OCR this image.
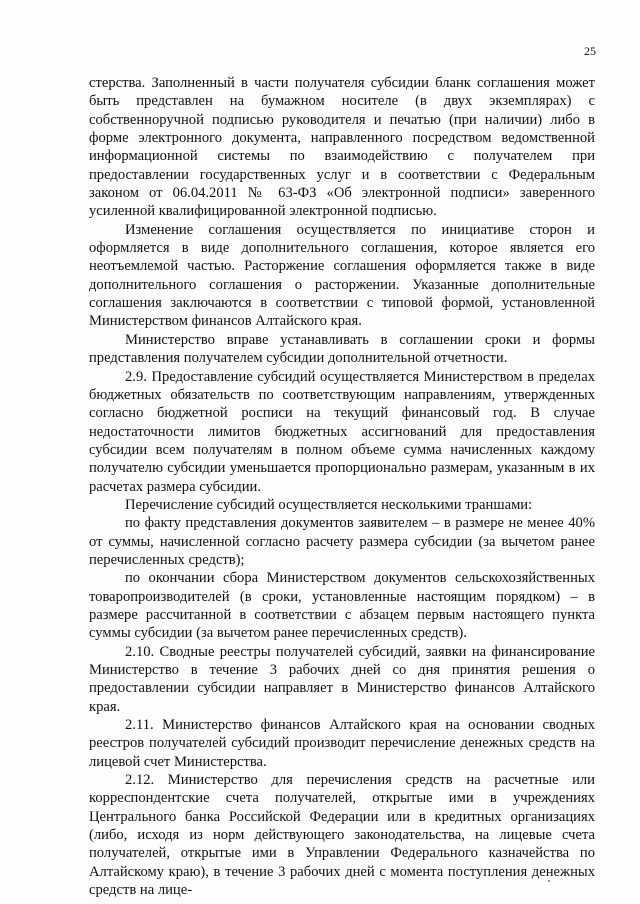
25

стерства. Заполненный в части получателя субсидии бланк соглашения может быть представлен на бумажном носителе (в двух экземплярах) с собственноручной подписью руководителя и печатью (при наличии) либо в форме электронного документа, направленного посредством ведомственной информационной системы по взаимодействию с получателем при предоставлении государственных услуг и в соответствии с Федеральным законом от 06.04.2011 № 63-ФЗ «Об электронной подписи» заверенного усиленной квалифицированной электронной подписью.

Изменение соглашения осуществляется по инициативе сторон и оформляется в виде дополнительного соглашения, которое является его неотъемлемой частью. Расторжение соглашения оформляется также в виде дополнительного соглашения о расторжении. Указанные дополнительные соглашения заключаются в соответствии с типовой формой, установленной Министерством финансов Алтайского края.

Министерство вправе устанавливать в соглашении сроки и формы представления получателем субсидии дополнительной отчетности.

2.9. Предоставление субсидий осуществляется Министерством в пределах бюджетных обязательств по соответствующим направлениям, утвержденных согласно бюджетной росписи на текущий финансовый год. В случае недостаточности лимитов бюджетных ассигнований для предоставления субсидии всем получателям в полном объеме сумма начисленных каждому получателю субсидии уменьшается пропорционально размерам, указанным в их расчетах размера субсидии.

Перечисление субсидий осуществляется несколькими траншами:

по факту представления документов заявителем – в размере не менее 40% от суммы, начисленной согласно расчету размера субсидии (за вычетом ранее перечисленных средств);

по окончании сбора Министерством документов сельскохозяйственных товаропроизводителей (в сроки, установленные настоящим порядком) – в размере рассчитанной в соответствии с абзацем первым настоящего пункта суммы субсидии (за вычетом ранее перечисленных средств).

2.10. Сводные реестры получателей субсидий, заявки на финансирование Министерство в течение 3 рабочих дней со дня принятия решения о предоставлении субсидии направляет в Министерство финансов Алтайского края.

2.11. Министерство финансов Алтайского края на основании сводных реестров получателей субсидий производит перечисление денежных средств на лицевой счет Министерства.

2.12. Министерство для перечисления средств на расчетные или корреспондентские счета получателей, открытые ими в учреждениях Центрального банка Российской Федерации или в кредитных организациях (либо, исходя из норм действующего законодательства, на лицевые счета получателей, открытые ими в Управлении Федерального казначейства по Алтайскому краю), в течение 3 рабочих дней с момента поступления денежных средств на лице-
